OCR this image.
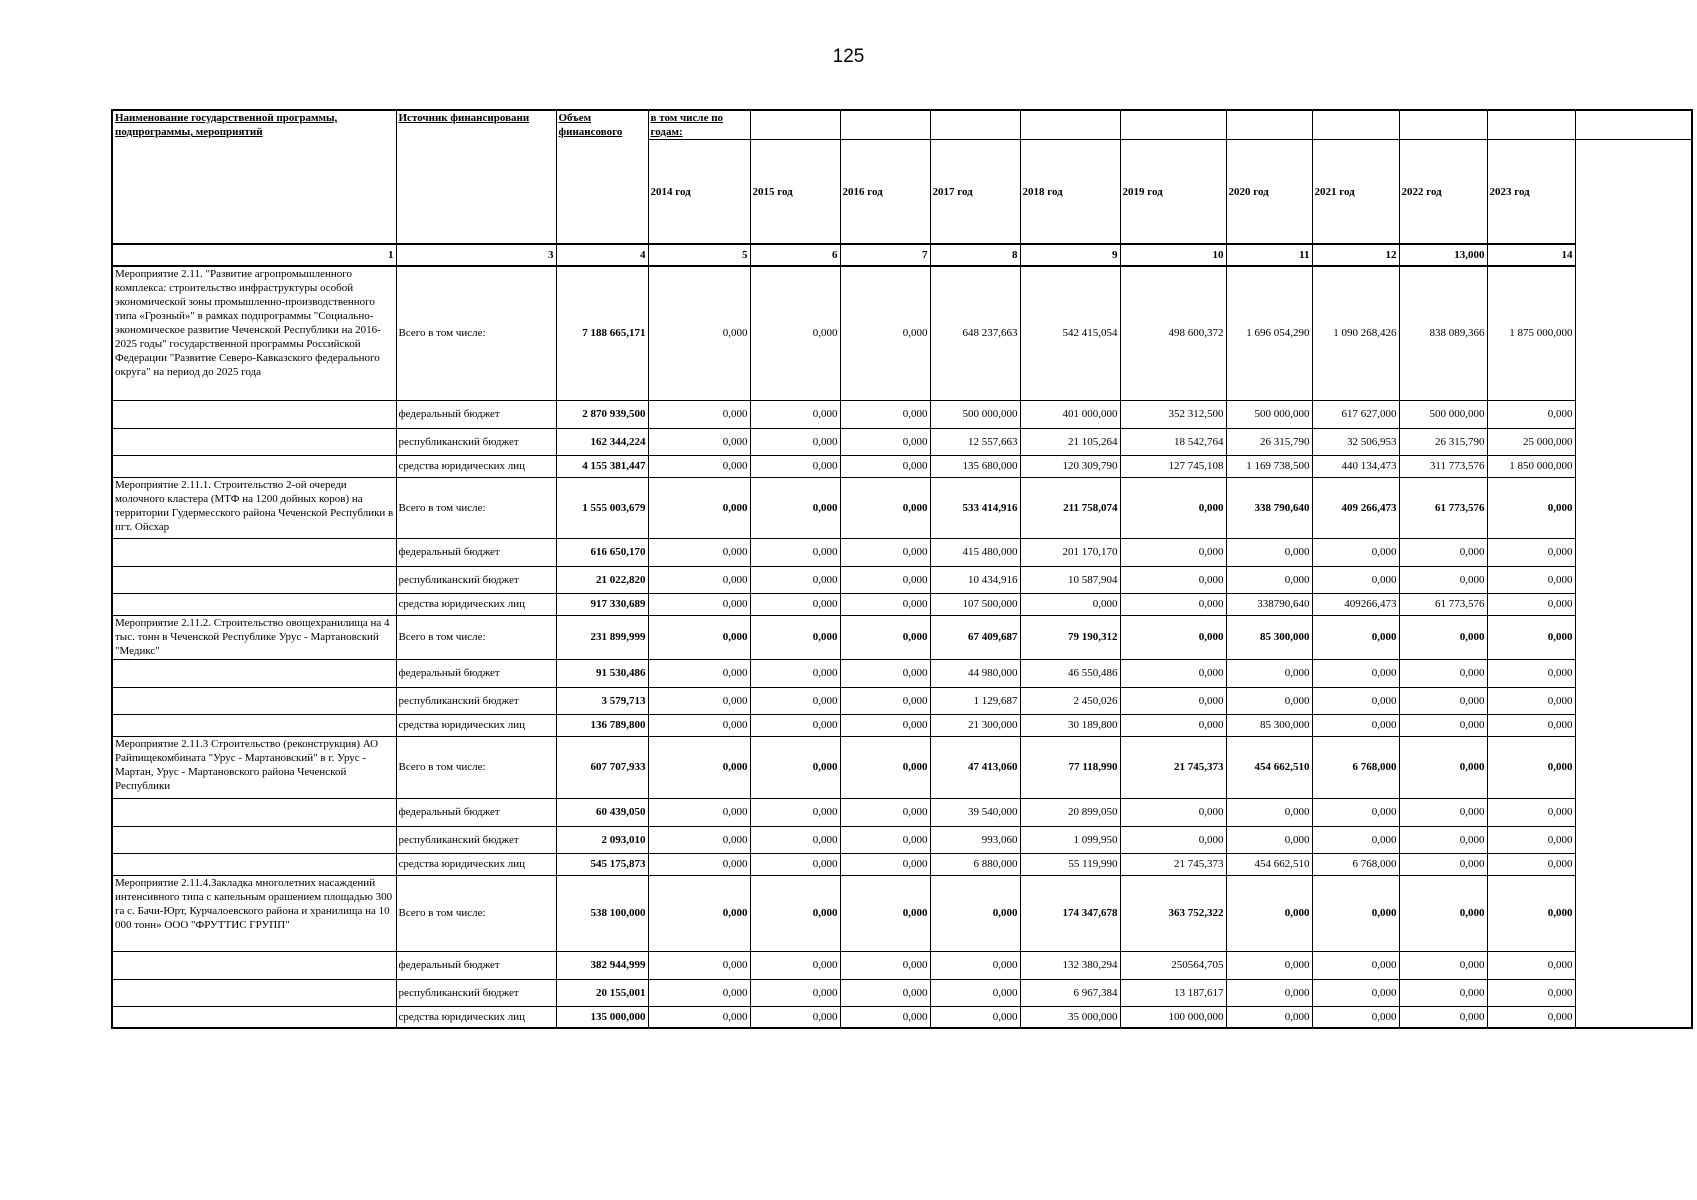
125
Наименование государственной программы, подпрограммы, мероприятий	Источник финансировани	Объем финансового	в том числе по годам:										
			2014 год	2015 год	2016 год	2017 год	2018 год	2019 год	2020 год	2021 год	2022 год	2023 год
1	3	4	5	6	7	8	9	10	11	12	13,000	14	
Мероприятие 2.11. "Развитие агропромышленного комплекса: строительство инфраструктуры особой экономической зоны промышленно-производственного типа «Грозный»" в рамках подпрограммы "Социально-экономическое развитие Чеченской Республики на 2016-2025 годы" государственной программы Российской Федерации "Развитие Северо-Кавказского федерального округа" на период до 2025 года	Всего в том числе:	7 188 665,171	0,000	0,000	0,000	648 237,663	542 415,054	498 600,372	1 696 054,290	1 090 268,426	838 089,366	1 875 000,000	
	федеральный бюджет	2 870 939,500	0,000	0,000	0,000	500 000,000	401 000,000	352 312,500	500 000,000	617 627,000	500 000,000	0,000	
	республиканский бюджет	162 344,224	0,000	0,000	0,000	12 557,663	21 105,264	18 542,764	26 315,790	32 506,953	26 315,790	25 000,000	
	средства юридических лиц	4 155 381,447	0,000	0,000	0,000	135 680,000	120 309,790	127 745,108	1 169 738,500	440 134,473	311 773,576	1 850 000,000	
Мероприятие 2.11.1. Строительство 2-ой очереди молочного кластера (МТФ на 1200 дойных коров) на территории Гудермесского района Чеченской Республики в пгт. Ойсхар	Всего в том числе:	1 555 003,679	0,000	0,000	0,000	533 414,916	211 758,074	0,000	338 790,640	409 266,473	61 773,576	0,000	
	федеральный бюджет	616 650,170	0,000	0,000	0,000	415 480,000	201 170,170	0,000	0,000	0,000	0,000	0,000	
	республиканский бюджет	21 022,820	0,000	0,000	0,000	10 434,916	10 587,904	0,000	0,000	0,000	0,000	0,000	
	средства юридических лиц	917 330,689	0,000	0,000	0,000	107 500,000	0,000	0,000	338790,640	409266,473	61 773,576	0,000	
Мероприятие 2.11.2. Строительство овощехранилища на 4 тыс. тонн в Чеченской Республике Урус - Мартановский "Медикс"	Всего в том числе:	231 899,999	0,000	0,000	0,000	67 409,687	79 190,312	0,000	85 300,000	0,000	0,000	0,000	
	федеральный бюджет	91 530,486	0,000	0,000	0,000	44 980,000	46 550,486	0,000	0,000	0,000	0,000	0,000	
	республиканский бюджет	3 579,713	0,000	0,000	0,000	1 129,687	2 450,026	0,000	0,000	0,000	0,000	0,000	
	средства юридических лиц	136 789,800	0,000	0,000	0,000	21 300,000	30 189,800	0,000	85 300,000	0,000	0,000	0,000	
Мероприятие 2.11.3 Строительство (реконструкция) АО Райпищекомбината "Урус - Мартановский" в г. Урус - Мартан, Урус - Мартановского района Чеченской Республики	Всего в том числе:	607 707,933	0,000	0,000	0,000	47 413,060	77 118,990	21 745,373	454 662,510	6 768,000	0,000	0,000	
	федеральный бюджет	60 439,050	0,000	0,000	0,000	39 540,000	20 899,050	0,000	0,000	0,000	0,000	0,000	
	республиканский бюджет	2 093,010	0,000	0,000	0,000	993,060	1 099,950	0,000	0,000	0,000	0,000	0,000	
	средства юридических лиц	545 175,873	0,000	0,000	0,000	6 880,000	55 119,990	21 745,373	454 662,510	6 768,000	0,000	0,000	
Мероприятие 2.11.4.Закладка многолетних насаждений интенсивного типа с капельным орашением площадью 300 га с. Бачи-Юрт, Курчалоевского района и хранилища на 10 000 тонн» ООО "ФРУТТИС ГРУПП"	Всего в том числе:	538 100,000	0,000	0,000	0,000	0,000	174 347,678	363 752,322	0,000	0,000	0,000	0,000	
	федеральный бюджет	382 944,999	0,000	0,000	0,000	0,000	132 380,294	250564,705	0,000	0,000	0,000	0,000	
	республиканский бюджет	20 155,001	0,000	0,000	0,000	0,000	6 967,384	13 187,617	0,000	0,000	0,000	0,000	
	средства юридических лиц	135 000,000	0,000	0,000	0,000	0,000	35 000,000	100 000,000	0,000	0,000	0,000	0,000	
